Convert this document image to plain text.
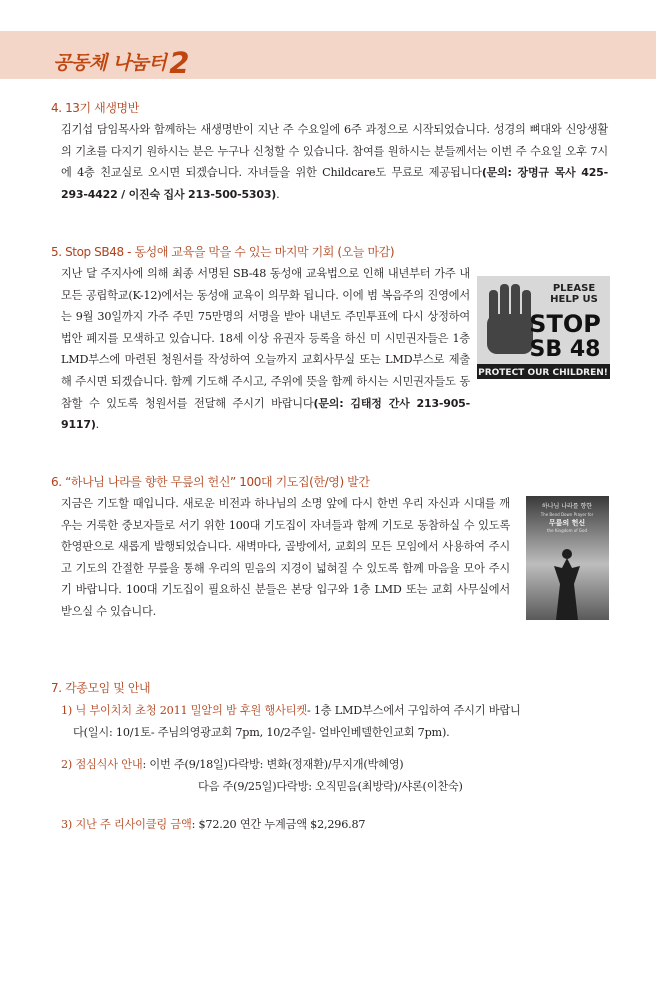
공동체 나눔터 2
4. 13기 새생명반
김기섭 담임목사와 함께하는 새생명반이 지난 주 수요일에 6주 과정으로 시작되었습니다. 성경의 뼈대와 신앙생활의 기초를 다지기 원하시는 분은 누구나 신청할 수 있습니다. 참여를 원하시는 분들께서는 이번 주 수요일 오후 7시에 4층 친교실로 오시면 되겠습니다. 자녀들을 위한 Childcare도 무료로 제공됩니다(문의: 장명규 목사 425-293-4422 / 이진숙 집사 213-500-5303).
5. Stop SB48 - 동성애 교육을 막을 수 있는 마지막 기회 (오늘 마감)
지난 달 주지사에 의해 최종 서명된 SB-48 동성애 교육법으로 인해 내년부터 가주 내 모든 공립학교(K-12)에서는 동성애 교육이 의무화 됩니다. 이에 범 복음주의 진영에서는 9월 30일까지 가주 주민 75만명의 서명을 받아 내년도 주민투표에 다시 상정하여 법안 폐지를 모색하고 있습니다. 18세 이상 유권자 등록을 하신 미 시민권자들은 1층 LMD부스에 마련된 청원서를 작성하여 오늘까지 교회사무실 또는 LMD부스로 제출해 주시면 되겠습니다. 함께 기도해 주시고, 주위에 뜻을 함께 하시는 시민권자들도 동참할 수 있도록 청원서를 전달해 주시기 바랍니다(문의: 김태정 간사 213-905-9117).
PLEASE
HELP US
STOP
SB 48
PROTECT OUR CHILDREN!
6. “하나님 나라를 향한 무릎의 헌신” 100대 기도집(한/영) 발간
지금은 기도할 때입니다. 새로운 비전과 하나님의 소명 앞에 다시 한번 우리 자신과 시대를 깨우는 거룩한 중보자들로 서기 위한 100대 기도집이 자녀들과 함께 기도로 동참하실 수 있도록 한영판으로 새롭게 발행되었습니다. 새벽마다, 골방에서, 교회의 모든 모임에서 사용하여 주시고 기도의 간절한 무릎을 통해 우리의 믿음의 지경이 넓혀질 수 있도록 함께 마음을 모아 주시기 바랍니다. 100대 기도집이 필요하신 분들은 본당 입구와 1층 LMD 또는 교회 사무실에서 받으실 수 있습니다.
하나님 나라를 향한
The Bend Down Prayer for
무릎의 헌신
the Kingdom of God
7. 각종모임 및 안내
1) 닉 부이치치 초청 2011 밀알의 밤 후원 행사티켓- 1층 LMD부스에서 구입하여 주시기 바랍니
다(일시: 10/1토- 주님의영광교회 7pm, 10/2주일- 얼바인베델한인교회 7pm).
2) 점심식사 안내: 이번 주(9/18일)다락방: 변화(정재환)/무지개(박혜영)
다음 주(9/25일)다락방: 오직믿음(최방락)/샤론(이찬숙)
3) 지난 주 리사이클링 금액: $72.20 연간 누계금액 $2,296.87
